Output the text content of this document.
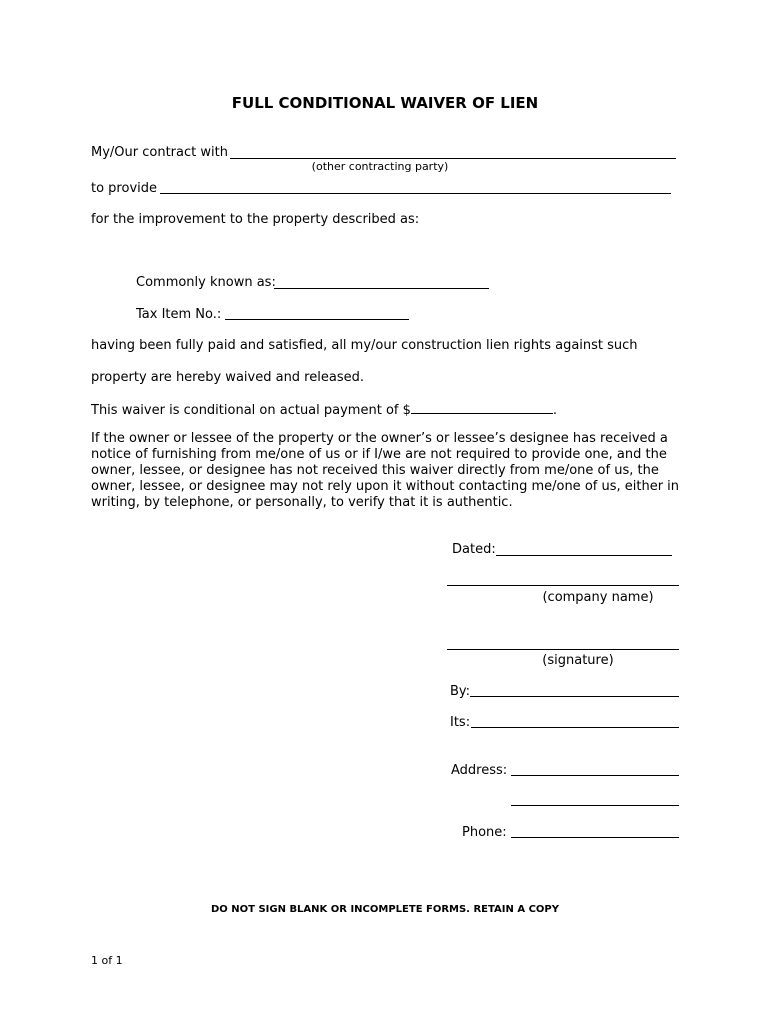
FULL CONDITIONAL WAIVER OF LIEN
My/Our contract with
(other contracting party)
to provide
for the improvement to the property described as:
Commonly known as:
Tax Item No.:
having been fully paid and satisfied, all my/our construction lien rights against such
property are hereby waived and released.
This waiver is conditional on actual payment of $	.
If the owner or lessee of the property or the owner’s or lessee’s designee has received a
notice of furnishing from me/one of us or if I/we are not required to provide one, and the
owner, lessee, or designee has not received this waiver directly from me/one of us, the
owner, lessee, or designee may not rely upon it without contacting me/one of us, either in
writing, by telephone, or personally, to verify that it is authentic.
Dated:
(company name)
(signature)
By:
Its:
Address:
Phone:
DO NOT SIGN BLANK OR INCOMPLETE FORMS. RETAIN A COPY
1 of 1
